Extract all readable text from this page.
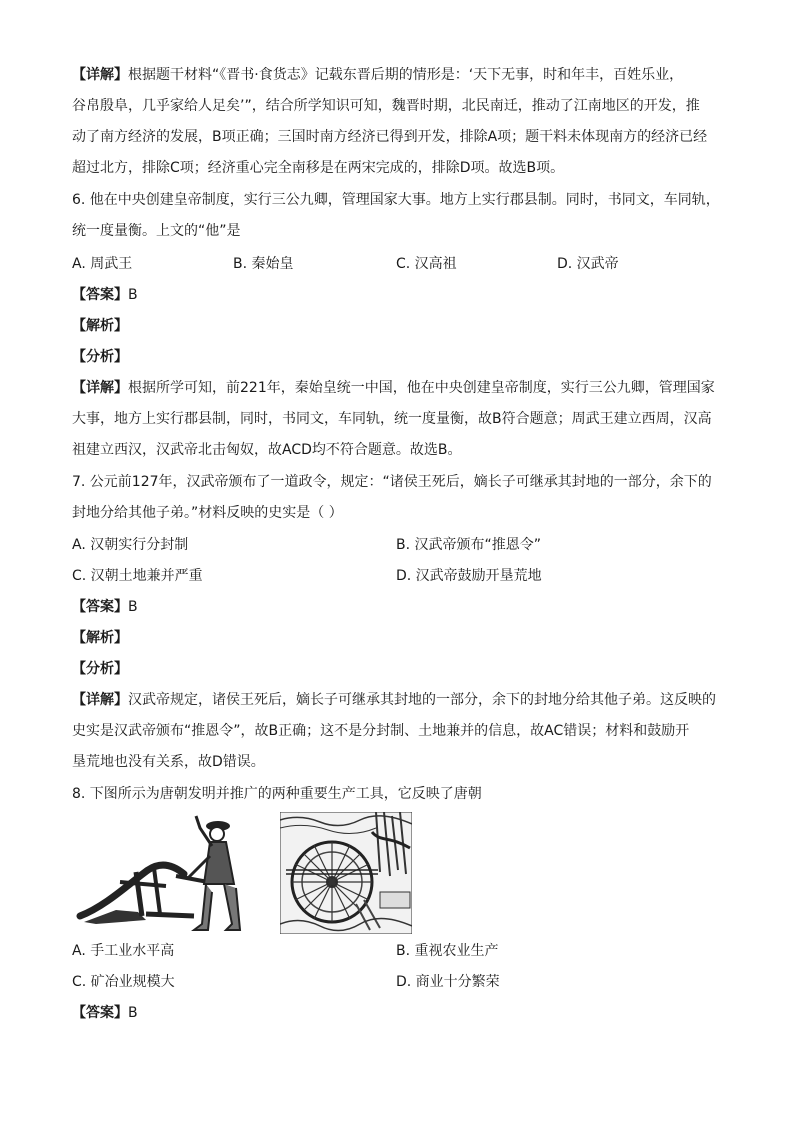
【详解】根据题干材料“《晋书·食货志》记载东晋后期的情形是：‘天下无事，时和年丰，百姓乐业，
谷帛殷阜，几乎家给人足矣’”，结合所学知识可知，魏晋时期，北民南迁，推动了江南地区的开发，推
动了南方经济的发展，B项正确；三国时南方经济已得到开发，排除A项；题干料未体现南方的经济已经
超过北方，排除C项；经济重心完全南移是在两宋完成的，排除D项。故选B项。
6. 他在中央创建皇帝制度，实行三公九卿，管理国家大事。地方上实行郡县制。同时，书同文，车同轨，
统一度量衡。上文的“他”是
A. 周武王	B. 秦始皇	C. 汉高祖	D. 汉武帝
【答案】B
【解析】
【分析】
【详解】根据所学可知，前221年，秦始皇统一中国，他在中央创建皇帝制度，实行三公九卿，管理国家
大事，地方上实行郡县制，同时，书同文，车同轨，统一度量衡，故B符合题意；周武王建立西周，汉高
祖建立西汉，汉武帝北击匈奴，故ACD均不符合题意。故选B。
7. 公元前127年，汉武帝颁布了一道政令，规定：“诸侯王死后，嫡长子可继承其封地的一部分，余下的
封地分给其他子弟。”材料反映的史实是（ ）
A. 汉朝实行分封制	B. 汉武帝颁布“推恩令”
C. 汉朝土地兼并严重	D. 汉武帝鼓励开垦荒地
【答案】B
【解析】
【分析】
【详解】汉武帝规定，诸侯王死后，嫡长子可继承其封地的一部分，余下的封地分给其他子弟。这反映的
史实是汉武帝颁布“推恩令”，故B正确；这不是分封制、土地兼并的信息，故AC错误；材料和鼓励开
垦荒地也没有关系，故D错误。
8. 下图所示为唐朝发明并推广的两种重要生产工具，它反映了唐朝
A. 手工业水平高	B. 重视农业生产
C. 矿冶业规模大	D. 商业十分繁荣
【答案】B
